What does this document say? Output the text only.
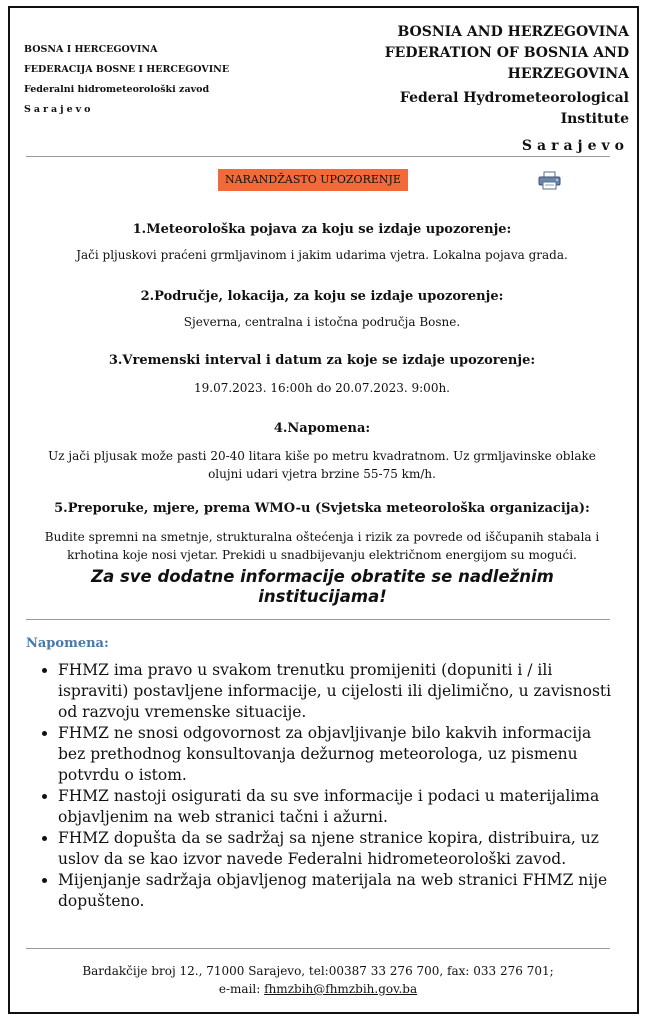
BOSNA I HERCEGOVINA
FEDERACIJA BOSNE I HERCEGOVINE
Federalni hidrometeorološki zavod
Sarajevo
BOSNIA AND HERZEGOVINA
FEDERATION OF BOSNIA AND HERZEGOVINA
Federal Hydrometeorological Institute
Sarajevo
NARANDŽASTO UPOZORENJE
1.Meteorološka pojava za koju se izdaje upozorenje:
Jači pljuskovi praćeni grmljavinom i jakim udarima vjetra. Lokalna pojava grada.
2.Područje, lokacija, za koju se izdaje upozorenje:
Sjeverna, centralna i istočna područja Bosne.
3.Vremenski interval i datum za koje se izdaje upozorenje:
19.07.2023. 16:00h do 20.07.2023. 9:00h.
4.Napomena:
Uz jači pljusak može pasti 20-40 litara kiše po metru kvadratnom. Uz grmljavinske oblake olujni udari vjetra brzine 55-75 km/h.
5.Preporuke, mjere, prema WMO-u (Svjetska meteorološka organizacija):
Budite spremni na smetnje, strukturalna oštećenja i rizik za povrede od iščupanih stabala i krhotina koje nosi vjetar. Prekidi u snadbijevanju električnom energijom su mogući.
Za sve dodatne informacije obratite se nadležnim institucijama!
Napomena:
• FHMZ ima pravo u svakom trenutku promijeniti (dopuniti i / ili ispraviti) postavljene informacije, u cijelosti ili djelimično, u zavisnosti od razvoju vremenske situacije.
• FHMZ ne snosi odgovornost za objavljivanje bilo kakvih informacija bez prethodnog konsultovanja dežurnog meteorologa, uz pismenu potvrdu o istom.
• FHMZ nastoji osigurati da su sve informacije i podaci u materijalima objavljenim na web stranici tačni i ažurni.
• FHMZ dopušta da se sadržaj sa njene stranice kopira, distribuira, uz uslov da se kao izvor navede Federalni hidrometeorološki zavod.
• Mijenjanje sadržaja objavljenog materijala na web stranici FHMZ nije dopušteno.
Bardakčije broj 12., 71000 Sarajevo, tel:00387 33 276 700, fax: 033 276 701;
e-mail: fhmzbih@fhmzbih.gov.ba
